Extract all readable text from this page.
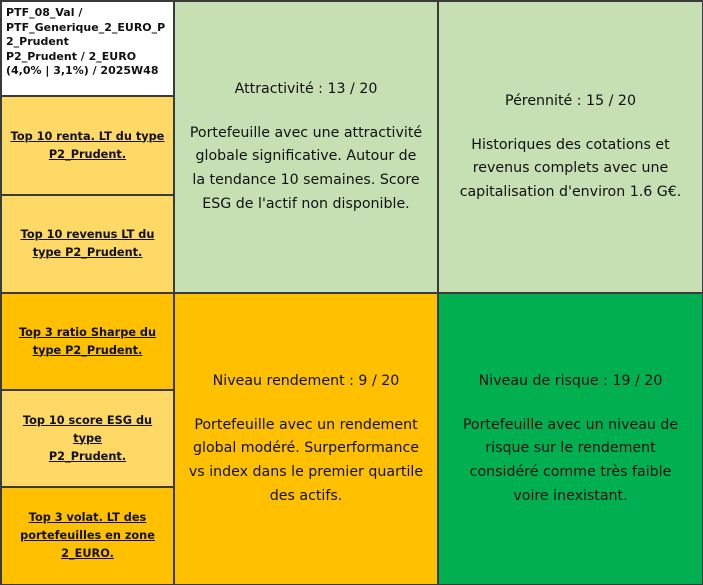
PTF_08_Val /
PTF_Generique_2_EURO_P
2_Prudent
P2_Prudent / 2_EURO
(4,0% | 3,1%) / 2025W48
Top 10 renta. LT du type
P2_Prudent.
Top 10 revenus LT du
type P2_Prudent.
Top 3 ratio Sharpe du
type P2_Prudent.
Top 10 score ESG du type
P2_Prudent.
Top 3 volat. LT des
portefeuilles en zone
2_EURO.
Attractivité : 13 / 20
Portefeuille avec une attractivité
globale significative. Autour de
la tendance 10 semaines. Score
ESG de l'actif non disponible.
Pérennité : 15 / 20
Historiques des cotations et
revenus complets avec une
capitalisation d'environ 1.6 G€.
Niveau rendement : 9 / 20
Portefeuille avec un rendement
global modéré. Surperformance
vs index dans le premier quartile
des actifs.
Niveau de risque : 19 / 20
Portefeuille avec un niveau de
risque sur le rendement
considéré comme très faible
voire inexistant.
